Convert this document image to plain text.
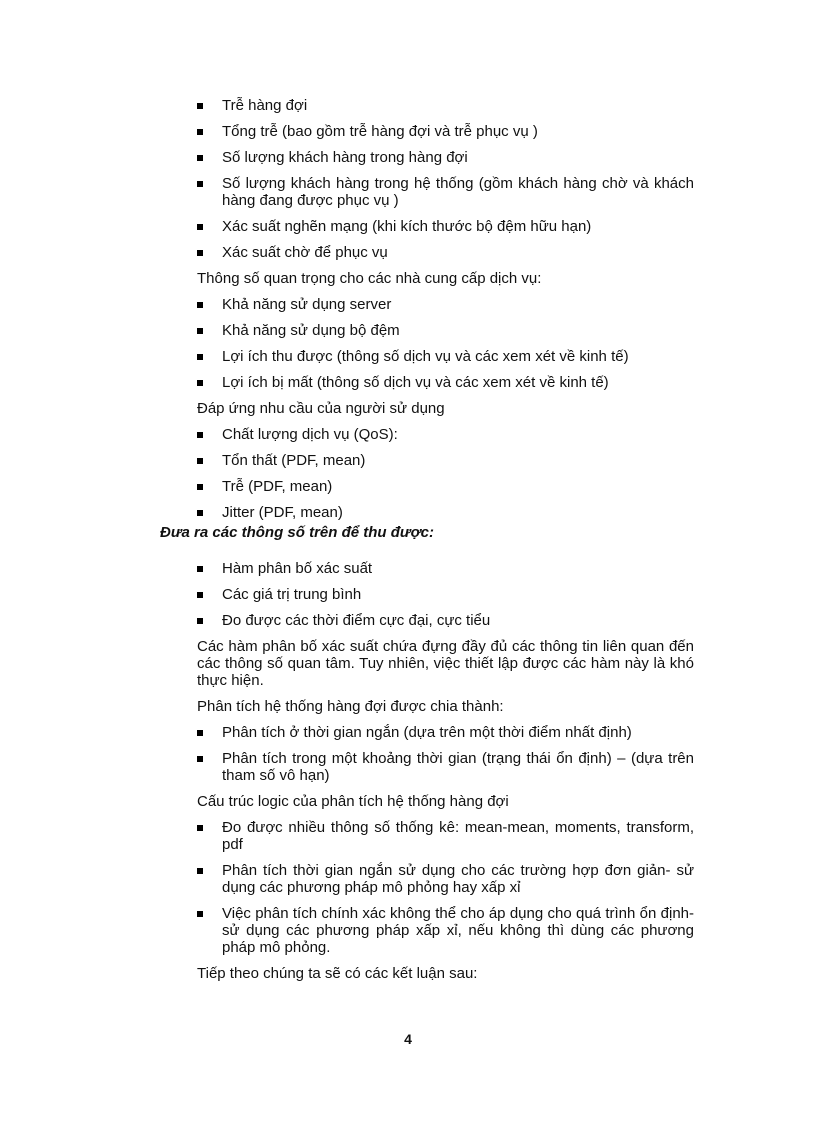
Trễ hàng đợi
Tổng trễ (bao gồm trễ hàng đợi và trễ phục vụ )
Số lượng khách hàng trong hàng đợi
Số lượng khách hàng trong hệ thống (gồm khách hàng chờ và khách hàng đang được phục vụ )
Xác suất nghẽn mạng (khi kích thước bộ đệm hữu hạn)
Xác suất chờ để phục vụ
Thông số quan trọng cho các nhà cung cấp dịch vụ:
Khả năng sử dụng server
Khả năng sử dụng bộ đệm
Lợi ích thu được (thông số dịch vụ và các xem xét về kinh tế)
Lợi ích bị mất (thông số dịch vụ và các xem xét về kinh tế)
Đáp ứng nhu cầu của người sử dụng
Chất lượng dịch vụ (QoS):
Tổn thất (PDF, mean)
Trễ (PDF, mean)
Jitter (PDF, mean)
Đưa ra các thông số trên để thu được:
Hàm phân bố xác suất
Các giá trị trung bình
Đo được các thời điểm cực đại, cực tiểu
Các hàm phân bố xác suất chứa đựng đầy đủ các thông tin liên quan đến các thông số quan tâm. Tuy nhiên, việc thiết lập được các hàm này là khó thực hiện.
Phân tích hệ thống hàng đợi được chia thành:
Phân tích ở thời gian ngắn (dựa trên một thời điểm nhất định)
Phân tích trong một khoảng thời gian (trạng thái ổn định) – (dựa trên tham số vô hạn)
Cấu trúc logic của phân tích hệ thống hàng đợi
Đo được nhiều thông số thống kê: mean-mean, moments, transform, pdf
Phân tích thời gian ngắn sử dụng cho các trường hợp đơn giản- sử dụng các phương pháp mô phỏng hay xấp xỉ
Việc phân tích chính xác không thể cho áp dụng cho quá trình ổn định- sử dụng các phương pháp xấp xỉ, nếu không thì dùng các phương pháp mô phỏng.
Tiếp theo chúng ta sẽ có các kết luận sau:
4
